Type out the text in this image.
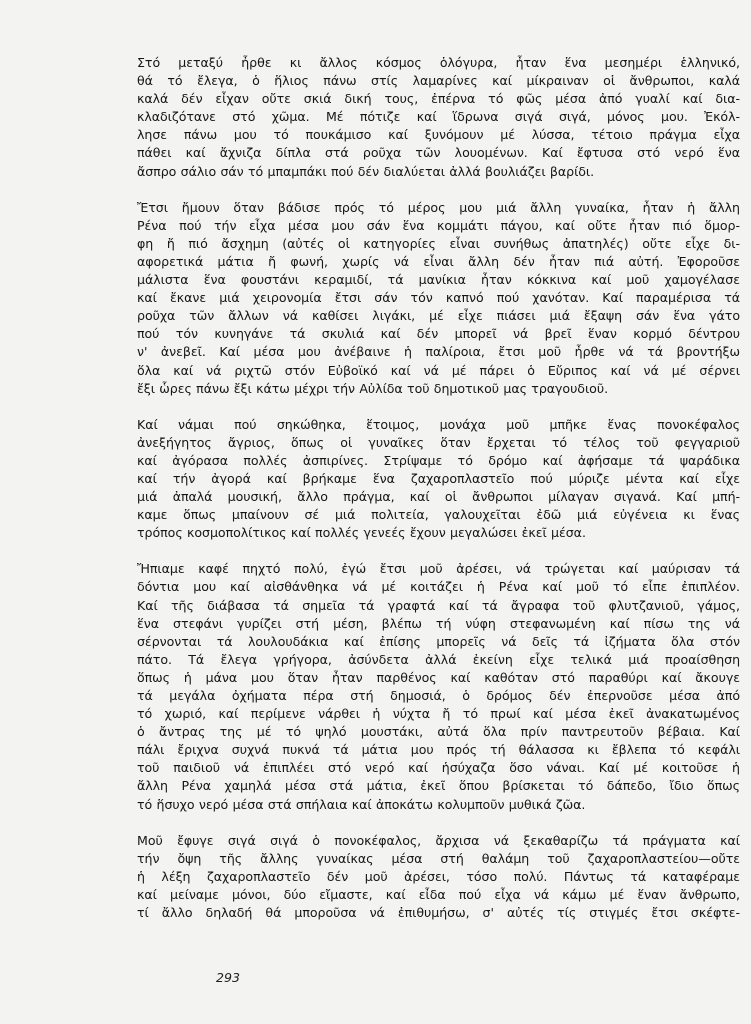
Στό μεταξύ ἦρθε κι ἄλλος κόσμος ὁλόγυρα, ἦταν ἕνα μεσημέρι ἑλληνικό,
θά τό ἔλεγα, ὁ ἥλιος πάνω στίς λαμαρίνες καί μίκραιναν οἱ ἄνθρωποι, καλά
καλά δέν εἶχαν οὔτε σκιά δική τους, ἐπέρνα τό φῶς μέσα ἀπό γυαλί καί δια-
κλαδιζότανε στό χῶμα. Μέ πότιζε καί ἵδρωνα σιγά σιγά, μόνος μου. Ἐκόλ-
λησε πάνω μου τό πουκάμισο καί ξυνόμουν μέ λύσσα, τέτοιο πράγμα εἶχα
πάθει καί ἄχνιζα δίπλα στά ροῦχα τῶν λουομένων. Καί ἔφτυσα στό νερό ἕνα
ἄσπρο σάλιο σάν τό μπαμπάκι πού δέν διαλύεται ἀλλά βουλιάζει βαρίδι.
Ἔτσι ἤμουν ὅταν βάδισε πρός τό μέρος μου μιά ἄλλη γυναίκα, ἦταν ἡ ἄλλη
Ρένα πού τήν εἶχα μέσα μου σάν ἕνα κομμάτι πάγου, καί οὔτε ἦταν πιό ὅμορ-
φη ἤ πιό ἄσχημη (αὐτές οἱ κατηγορίες εἶναι συνήθως ἀπατηλές) οὔτε εἶχε δι-
αφορετικά μάτια ἤ φωνή, χωρίς νά εἶναι ἄλλη δέν ἦταν πιά αὐτή. Ἐφοροῦσε
μάλιστα ἕνα φουστάνι κεραμιδί, τά μανίκια ἦταν κόκκινα καί μοῦ χαμογέλασε
καί ἔκανε μιά χειρονομία ἔτσι σάν τόν καπνό πού χανόταν. Καί παραμέρισα τά
ροῦχα τῶν ἄλλων νά καθίσει λιγάκι, μέ εἶχε πιάσει μιά ἔξαψη σάν ἕνα γάτο
πού τόν κυνηγάνε τά σκυλιά καί δέν μπορεῖ νά βρεῖ ἕναν κορμό δέντρου
ν' ἀνεβεῖ. Καί μέσα μου ἀνέβαινε ἡ παλίροια, ἔτσι μοῦ ἦρθε νά τά βροντήξω
ὅλα καί νά ριχτῶ στόν Εὐβοϊκό καί νά μέ πάρει ὁ Εὔριπος καί νά μέ σέρνει
ἔξι ὧρες πάνω ἔξι κάτω μέχρι τήν Αὐλίδα τοῦ δημοτικοῦ μας τραγουδιοῦ.
Καί νάμαι πού σηκώθηκα, ἕτοιμος, μονάχα μοῦ μπῆκε ἕνας πονοκέφαλος
ἀνεξήγητος ἄγριος, ὅπως οἱ γυναῖκες ὅταν ἔρχεται τό τέλος τοῦ φεγγαριοῦ
καί ἀγόρασα πολλές ἀσπιρίνες. Στρίψαμε τό δρόμο καί ἀφήσαμε τά ψαράδικα
καί τήν ἀγορά καί βρήκαμε ἕνα ζαχαροπλαστεῖο πού μύριζε μέντα καί εἶχε
μιά ἀπαλά μουσική, ἄλλο πράγμα, καί οἱ ἄνθρωποι μίλαγαν σιγανά. Καί μπή-
καμε ὅπως μπαίνουν σέ μιά πολιτεία, γαλουχεῖται ἐδῶ μιά εὐγένεια κι ἕνας
τρόπος κοσμοπολίτικος καί πολλές γενεές ἔχουν μεγαλώσει ἐκεῖ μέσα.
Ἤπιαμε καφέ πηχτό πολύ, ἐγώ ἔτσι μοῦ ἀρέσει, νά τρώγεται καί μαύρισαν τά
δόντια μου καί αἰσθάνθηκα νά μέ κοιτάζει ἡ Ρένα καί μοῦ τό εἶπε ἐπιπλέον.
Καί τῆς διάβασα τά σημεῖα τά γραφτά καί τά ἄγραφα τοῦ φλυτζανιοῦ, γάμος,
ἕνα στεφάνι γυρίζει στή μέση, βλέπω τή νύφη στεφανωμένη καί πίσω της νά
σέρνονται τά λουλουδάκια καί ἐπίσης μπορεῖς νά δεῖς τά ἰζήματα ὅλα στόν
πάτο. Τά ἔλεγα γρήγορα, ἀσύνδετα ἀλλά ἐκείνη εἶχε τελικά μιά προαίσθηση
ὅπως ἡ μάνα μου ὅταν ἦταν παρθένος καί καθόταν στό παραθύρι καί ἄκουγε
τά μεγάλα ὀχήματα πέρα στή δημοσιά, ὁ δρόμος δέν ἐπερνοῦσε μέσα ἀπό
τό χωριό, καί περίμενε νάρθει ἡ νύχτα ἤ τό πρωί καί μέσα ἐκεῖ ἀνακατωμένος
ὁ ἄντρας της μέ τό ψηλό μουστάκι, αὐτά ὅλα πρίν παντρευτοῦν βέβαια. Καί
πάλι ἔριχνα συχνά πυκνά τά μάτια μου πρός τή θάλασσα κι ἔβλεπα τό κεφάλι
τοῦ παιδιοῦ νά ἐπιπλέει στό νερό καί ἡσύχαζα ὅσο νάναι. Καί μέ κοιτοῦσε ἡ
ἄλλη Ρένα χαμηλά μέσα στά μάτια, ἐκεῖ ὅπου βρίσκεται τό δάπεδο, ἴδιο ὅπως
τό ἥσυχο νερό μέσα στά σπήλαια καί ἀποκάτω κολυμποῦν μυθικά ζῶα.
Μοῦ ἔφυγε σιγά σιγά ὁ πονοκέφαλος, ἄρχισα νά ξεκαθαρίζω τά πράγματα καί
τήν ὄψη τῆς ἄλλης γυναίκας μέσα στή θαλάμη τοῦ ζαχαροπλαστείου—οὔτε
ἡ λέξη ζαχαροπλαστεῖο δέν μοῦ ἀρέσει, τόσο πολύ. Πάντως τά καταφέραμε
καί μείναμε μόνοι, δύο εἴμαστε, καί εἶδα πού εἶχα νά κάμω μέ ἕναν ἄνθρωπο,
τί ἄλλο δηλαδή θά μποροῦσα νά ἐπιθυμήσω, σ' αὐτές τίς στιγμές ἔτσι σκέφτε-
293
